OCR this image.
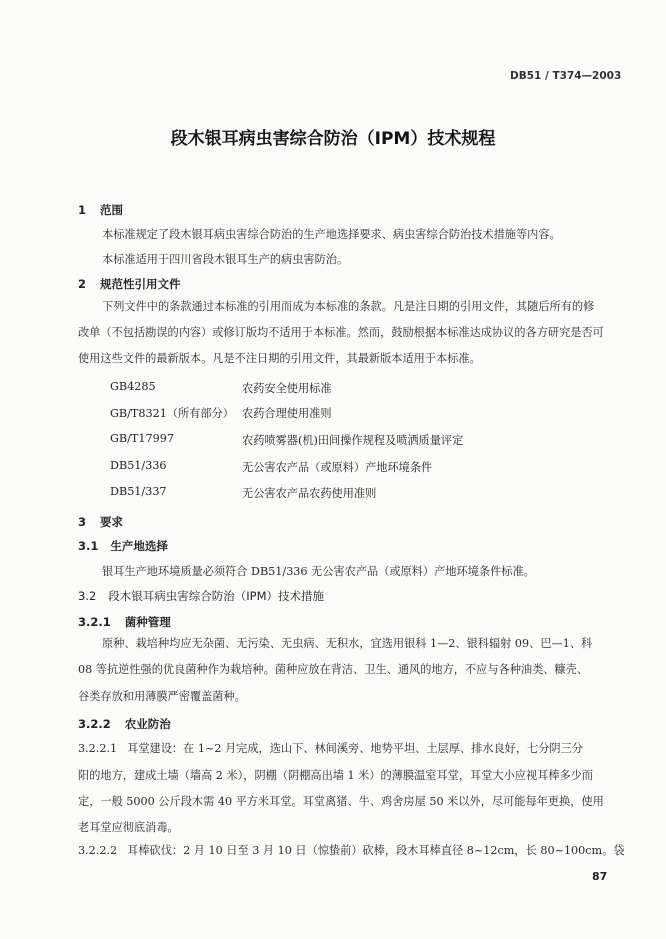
DB51 / T374—2003
段木银耳病虫害综合防治（IPM）技术规程
1 范围
本标准规定了段木银耳病虫害综合防治的生产地选择要求、病虫害综合防治技术措施等内容。
本标准适用于四川省段木银耳生产的病虫害防治。
2 规范性引用文件
下列文件中的条款通过本标准的引用而成为本标准的条款。凡是注日期的引用文件，其随后所有的修
改单（不包括勘误的内容）或修订版均不适用于本标准。然而，鼓励根据本标准达成协议的各方研究是否可
使用这些文件的最新版本。凡是不注日期的引用文件，其最新版本适用于本标准。
GB4285	农药安全使用标准
GB/T8321（所有部分） 农药合理使用准则
GB/T17997	农药喷雾器(机)田间操作规程及喷洒质量评定
DB51/336	无公害农产品（或原料）产地环境条件
DB51/337	无公害农产品农药使用准则
3 要求
3.1 生产地选择
银耳生产地环境质量必须符合 DB51/336 无公害农产品（或原料）产地环境条件标准。
3.2 段木银耳病虫害综合防治（IPM）技术措施
3.2.1 菌种管理
原种、栽培种均应无杂菌、无污染、无虫病、无积水，宜选用银科 1—2、银科辐射 09、巴—1、科
08 等抗逆性强的优良菌种作为栽培种。菌种应放在背洁、卫生、通风的地方，不应与各种油类、糠壳、
谷类存放和用薄膜严密覆盖菌种。
3.2.2 农业防治
3.2.2.1 耳堂建设：在 1~2 月完成，选山下、林间溪旁、地势平坦、土层厚、排水良好，七分阴三分
阳的地方，建成土墙（墙高 2 米），阴棚（阴棚高出墙 1 米）的薄膜温室耳堂，耳堂大小应视耳棒多少而
定，一般 5000 公斤段木需 40 平方米耳堂。耳堂离猪、牛、鸡舍房屋 50 米以外，尽可能每年更换，使用
老耳堂应彻底消毒。
3.2.2.2 耳棒砍伐：2 月 10 日至 3 月 10 日（惊蛰前）砍棒，段木耳棒直径 8~12cm，长 80~100cm。袋
87
